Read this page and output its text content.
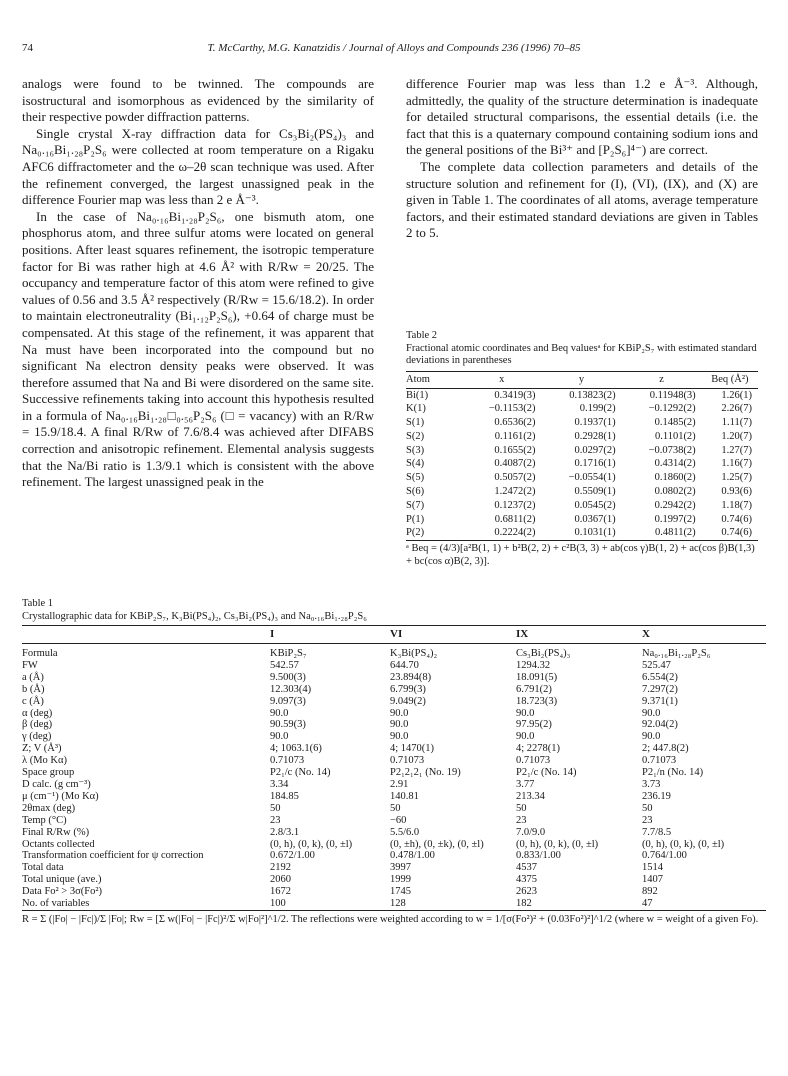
74	T. McCarthy, M.G. Kanatzidis / Journal of Alloys and Compounds 236 (1996) 70–85

analogs were found to be twinned. The compounds are isostructural and isomorphous as evidenced by the similarity of their respective powder diffraction patterns.

Single crystal X-ray diffraction data for Cs₃Bi₂(PS₄)₃ and Na₀.₁₆Bi₁.₂₈P₂S₆ were collected at room temperature on a Rigaku AFC6 diffractometer and the ω–2θ scan technique was used. After the refinement converged, the largest unassigned peak in the difference Fourier map was less than 2 e Å⁻³.

In the case of Na₀.₁₆Bi₁.₂₈P₂S₆, one bismuth atom, one phosphorus atom, and three sulfur atoms were located on general positions. After least squares refinement, the isotropic temperature factor for Bi was rather high at 4.6 Å² with R/Rw = 20/25. The occupancy and temperature factor of this atom were refined to give values of 0.56 and 3.5 Å² respectively (R/Rw = 15.6/18.2). In order to maintain electroneutrality (Bi₁.₁₂P₂S₆), +0.64 of charge must be compensated. At this stage of the refinement, it was apparent that Na must have been incorporated into the compound but no significant Na electron density peaks were observed. It was therefore assumed that Na and Bi were disordered on the same site. Successive refinements taking into account this hypothesis resulted in a formula of Na₀.₁₆Bi₁.₂₈□₀.₅₆P₂S₆ (□ = vacancy) with an R/Rw = 15.9/18.4. A final R/Rw of 7.6/8.4 was achieved after DIFABS correction and anisotropic refinement. Elemental analysis suggests that the Na/Bi ratio is 1.3/9.1 which is consistent with the above refinement. The largest unassigned peak in the

difference Fourier map was less than 1.2 e Å⁻³. Although, admittedly, the quality of the structure determination is inadequate for detailed structural comparisons, the essential details (i.e. the fact that this is a quaternary compound containing sodium ions and the general positions of the Bi³⁺ and [P₂S₆]⁴⁻) are correct.

The complete data collection parameters and details of the structure solution and refinement for (I), (VI), (IX), and (X) are given in Table 1. The coordinates of all atoms, average temperature factors, and their estimated standard deviations are given in Tables 2 to 5.

Table 2
Fractional atomic coordinates and Beq valuesᵃ for KBiP₂S₇ with estimated standard deviations in parentheses
Atom	x	y	z	Beq (Å²)
Bi(1)	0.3419(3)	0.13823(2)	0.11948(3)	1.26(1)
K(1)	−0.1153(2)	0.199(2)	−0.1292(2)	2.26(7)
S(1)	0.6536(2)	0.1937(1)	0.1485(2)	1.11(7)
S(2)	0.1161(2)	0.2928(1)	0.1101(2)	1.20(7)
S(3)	0.1655(2)	0.0297(2)	−0.0738(2)	1.27(7)
S(4)	0.4087(2)	0.1716(1)	0.4314(2)	1.16(7)
S(5)	0.5057(2)	−0.0554(1)	0.1860(2)	1.25(7)
S(6)	1.2472(2)	0.5509(1)	0.0802(2)	0.93(6)
S(7)	0.1237(2)	0.0545(2)	0.2942(2)	1.18(7)
P(1)	0.6811(2)	0.0367(1)	0.1997(2)	0.74(6)
P(2)	0.2224(2)	0.1031(1)	0.4811(2)	0.74(6)
ᵃ Beq = (4/3)[a²B(1, 1) + b²B(2, 2) + c²B(3, 3) + ab(cos γ)B(1, 2) + ac(cos β)B(1,3) + bc(cos α)B(2, 3)].
Table 1
Crystallographic data for KBiP₂S₇, K₃Bi(PS₄)₂, Cs₃Bi₂(PS₄)₃ and Na₀.₁₆Bi₁.₂₈P₂S₆
	I	VI	IX	X
Formula	KBiP₂S₇	K₃Bi(PS₄)₂	Cs₃Bi₂(PS₄)₃	Na₀.₁₆Bi₁.₂₈P₂S₆
FW	542.57	644.70	1294.32	525.47
a (Å)	9.500(3)	23.894(8)	18.091(5)	6.554(2)
b (Å)	12.303(4)	6.799(3)	6.791(2)	7.297(2)
c (Å)	9.097(3)	9.049(2)	18.723(3)	9.371(1)
α (deg)	90.0	90.0	90.0	90.0
β (deg)	90.59(3)	90.0	97.95(2)	92.04(2)
γ (deg)	90.0	90.0	90.0	90.0
Z; V (Å³)	4; 1063.1(6)	4; 1470(1)	4; 2278(1)	2; 447.8(2)
λ (Mo Kα)	0.71073	0.71073	0.71073	0.71073
Space group	P2₁/c (No. 14)	P2₁2₁2₁ (No. 19)	P2₁/c (No. 14)	P2₁/n (No. 14)
D calc. (g cm⁻³)	3.34	2.91	3.77	3.73
μ (cm⁻¹) (Mo Kα)	184.85	140.81	213.34	236.19
2θmax (deg)	50	50	50	50
Temp (°C)	23	−60	23	23
Final R/Rw (%)	2.8/3.1	5.5/6.0	7.0/9.0	7.7/8.5
Octants collected	(0, h), (0, k), (0, ±l)	(0, ±h), (0, ±k), (0, ±l)	(0, h), (0, k), (0, ±l)	(0, h), (0, k), (0, ±l)
Transformation coefficient for ψ correction	0.672/1.00	0.478/1.00	0.833/1.00	0.764/1.00
Total data	2192	3997	4537	1514
Total unique (ave.)	2060	1999	4375	1407
Data Fo² > 3σ(Fo²)	1672	1745	2623	892
No. of variables	100	128	182	47
R = Σ (|Fo| − |Fc|)/Σ |Fo|; Rw = [Σ w(|Fo| − |Fc|)²/Σ w|Fo|²]^1/2. The reflections were weighted according to w = 1/[σ(Fo²)² + (0.03Fo²)²]^1/2 (where w = weight of a given Fo).
